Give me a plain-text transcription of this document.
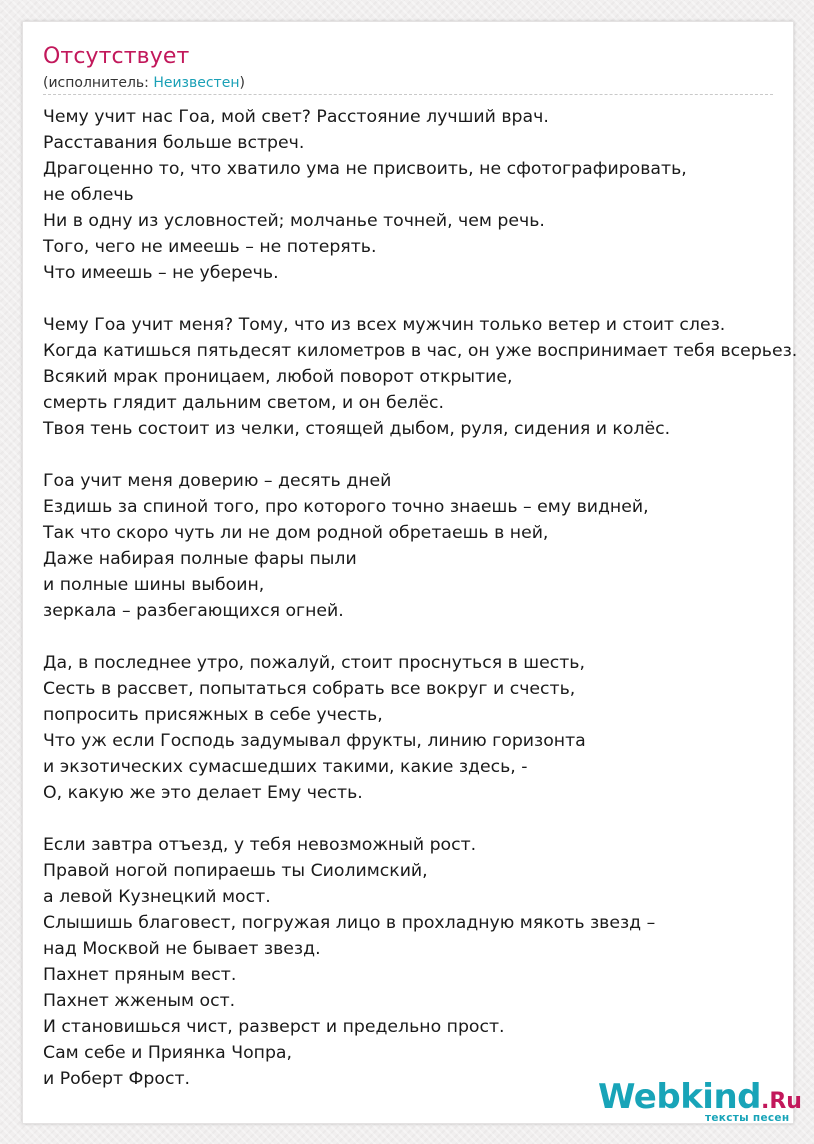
Отсутствует
(исполнитель: Неизвестен)
Чему учит нас Гоа, мой свет? Расстояние лучший врач.
Расставания больше встреч.
Драгоценно то, что хватило ума не присвоить, не сфотографировать,
не облечь
Ни в одну из условностей; молчанье точней, чем речь.
Того, чего не имеешь – не потерять.
Что имеешь – не уберечь.
Чему Гоа учит меня? Тому, что из всех мужчин только ветер и стоит слез.
Когда катишься пятьдесят километров в час, он уже воспринимает тебя всерьез.
Всякий мрак проницаем, любой поворот открытие,
смерть глядит дальним светом, и он белёс.
Твоя тень состоит из челки, стоящей дыбом, руля, сидения и колёс.
Гоа учит меня доверию – десять дней
Ездишь за спиной того, про которого точно знаешь – ему видней,
Так что скоро чуть ли не дом родной обретаешь в ней,
Даже набирая полные фары пыли
и полные шины выбоин,
зеркала – разбегающихся огней.
Да, в последнее утро, пожалуй, стоит проснуться в шесть,
Сесть в рассвет, попытаться собрать все вокруг и счесть,
попросить присяжных в себе учесть,
Что уж если Господь задумывал фрукты, линию горизонта
и экзотических сумасшедших такими, какие здесь, -
О, какую же это делает Ему честь.
Если завтра отъезд, у тебя невозможный рост.
Правой ногой попираешь ты Сиолимский,
а левой Кузнецкий мост.
Слышишь благовест, погружая лицо в прохладную мякоть звезд –
над Москвой не бывает звезд.
Пахнет пряным вест.
Пахнет жженым ост.
И становишься чист, разверст и предельно прост.
Сам себе и Приянка Чопра,
и Роберт Фрост.	Webkind.Ru
тексты песен
